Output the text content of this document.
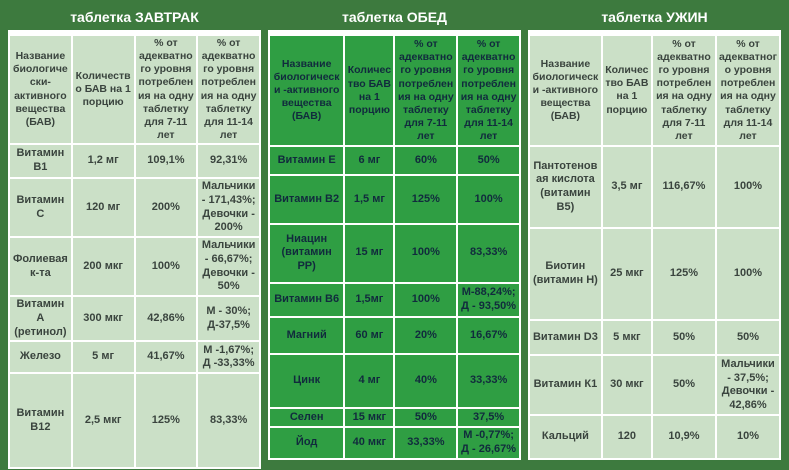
таблетка ЗАВТРАК
Название биологически-активного вещества (БАВ)	Количество БАВ на 1 порцию	% от адекватного уровня потребления на одну таблетку для 7-11 лет	% от адекватного уровня потребления на одну таблетку для 11-14 лет
Витамин В1	1,2 мг	109,1%	92,31%
Витамин С	120 мг	200%	Мальчики - 171,43%; Девочки - 200%
Фолиевая к-та	200 мкг	100%	Мальчики - 66,67%; Девочки - 50%
Витамин А (ретинол)	300 мкг	42,86%	М - 30%; Д-37,5%
Железо	5 мг	41,67%	М -1,67%; Д -33,33%
Витамин В12	2,5 мкг	125%	83,33%
таблетка ОБЕД
Название биологически -активного вещества (БАВ)	Количество БАВ на 1 порцию	% от адекватного уровня потребления на одну таблетку для 7-11 лет	% от адекватного уровня потребления на одну таблетку для 11-14 лет
Витамин Е	6 мг	60%	50%
Витамин В2	1,5 мг	125%	100%
Ниацин (витамин РР)	15 мг	100%	83,33%
Витамин В6	1,5мг	100%	М-88,24%; Д - 93,50%
Магний	60 мг	20%	16,67%
Цинк	4 мг	40%	33,33%
Селен	15 мкг	50%	37,5%
Йод	40 мкг	33,33%	М -0,77%; Д - 26,67%
таблетка УЖИН
Название биологически -активного вещества (БАВ)	Количество БАВ на 1 порцию	% от адекватного уровня потребления на одну таблетку для 7-11 лет	% от адекватного уровня потребления на одну таблетку для 11-14 лет
Пантотеновая кислота (витамин В5)	3,5 мг	116,67%	100%
Биотин (витамин Н)	25 мкг	125%	100%
Витамин D3	5 мкг	50%	50%
Витамин К1	30 мкг	50%	Мальчики - 37,5%; Девочки - 42,86%
Кальций	120	10,9%	10%
